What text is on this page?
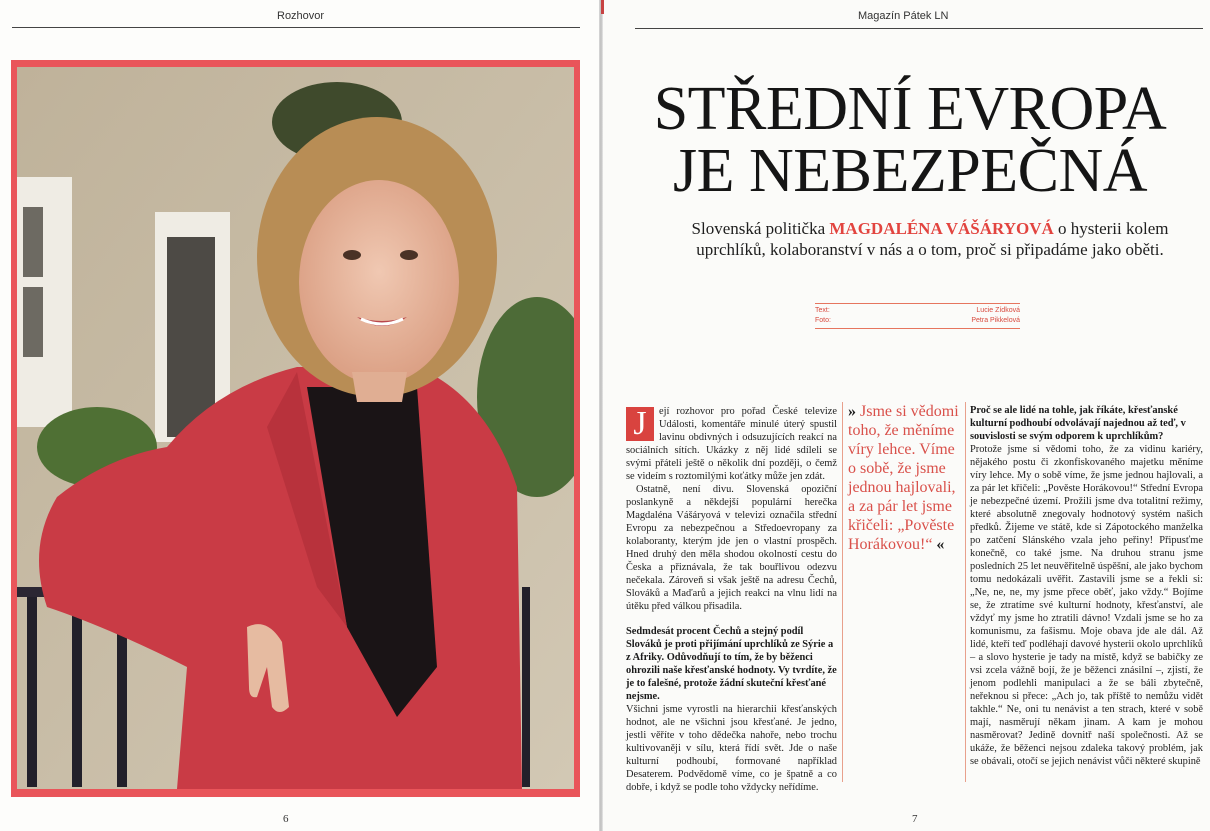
Rozhovor
6
Magazín Pátek LN
STŘEDNÍ EVROPA
JE NEBEZPEČNÁ
Slovenská politička MAGDALÉNA VÁŠÁRYOVÁ o hysterii kolem uprchlíků, kolaboranství v nás a o tom, proč si připadáme jako oběti.
Text:	Lucie Zídková
Foto:	Petra Pikkelová
J	ejí rozhovor pro pořad České televize Události, komentáře minulé úterý spustil lavinu obdivných i odsuzujících reakcí na sociálních sítích. Ukázky z něj lidé sdíleli se svými přáteli ještě o několik dní později, o čemž se videím s roztomilými koťátky může jen zdát.

Ostatně, není divu. Slovenská opoziční poslankyně a někdejší populární herečka Magdaléna Vášáryová v televizi označila střední Evropu za nebezpečnou a Středoevropany za kolaboranty, kterým jde jen o vlastní prospěch. Hned druhý den měla shodou okolností cestu do Česka a přiznávala, že tak bouřlivou odezvu nečekala. Zároveň si však ještě na adresu Čechů, Slováků a Maďarů a jejich reakci na vlnu lidí na útěku před válkou přisadila.

Sedmdesát procent Čechů a stejný podíl Slováků je proti přijímání uprchlíků ze Sýrie a z Afriky. Odůvodňují to tím, že by běženci ohrozili naše křesťanské hodnoty. Vy tvrdíte, že je to falešné, protože žádní skuteční křesťané nejsme.

Všichni jsme vyrostli na hierarchii křesťanských hodnot, ale ne všichni jsou křesťané. Je jedno, jestli věříte v toho dědečka nahoře, nebo trochu kultivovaněji v sílu, která řídí svět. Jde o naše kulturní podhoubí, formované například Desaterem. Podvědomě víme, co je špatně a co dobře, i když se podle toho vždycky neřídíme.

» Jsme si vědomi toho, že měníme víry lehce. Víme o sobě, že jsme jednou hajlovali, a za pár let jsme křičeli: „Pověste Horákovou!“ «

Proč se ale lidé na tohle, jak říkáte, křesťanské kulturní podhoubí odvolávají najednou až teď, v souvislosti se svým odporem k uprchlíkům?

Protože jsme si vědomi toho, že za vidinu kariéry, nějakého postu či zkonfiskovaného majetku měníme víry lehce. My o sobě víme, že jsme jednou hajlovali, a za pár let křičeli: „Pověste Horákovou!“ Střední Evropa je nebezpečné území. Prožili jsme dva totalitní režimy, které absolutně znegovaly hodnotový systém našich předků. Žijeme ve státě, kde si Zápotockého manželka po zatčení Slánského vzala jeho peřiny! Připusťme konečně, co také jsme. Na druhou stranu jsme posledních 25 let neuvěřitelně úspěšní, ale jako bychom tomu nedokázali uvěřit. Zastavili jsme se a řekli si: „Ne, ne, ne, my jsme přece oběť, jako vždy.“ Bojíme se, že ztratíme své kulturní hodnoty, křesťanství, ale vždyť my jsme ho ztratili dávno! Vzdali jsme se ho za komunismu, za fašismu. Moje obava jde ale dál. Až lidé, kteří teď podléhají davové hysterii okolo uprchlíků – a slovo hysterie je tady na místě, když se babičky ze vsi zcela vážně bojí, že je běženci znásilní –, zjistí, že jenom podlehli manipulaci a že se báli zbytečně, neřeknou si přece: „Ach jo, tak příště to nemůžu vidět takhle.“ Ne, oni tu nenávist a ten strach, které v sobě mají, nasměrují někam jinam. A kam je mohou nasměrovat? Jedině dovnitř naší společnosti. Až se ukáže, že běženci nejsou zdaleka takový problém, jak se obávali, otočí se jejich nenávist vůči některé skupině

7
